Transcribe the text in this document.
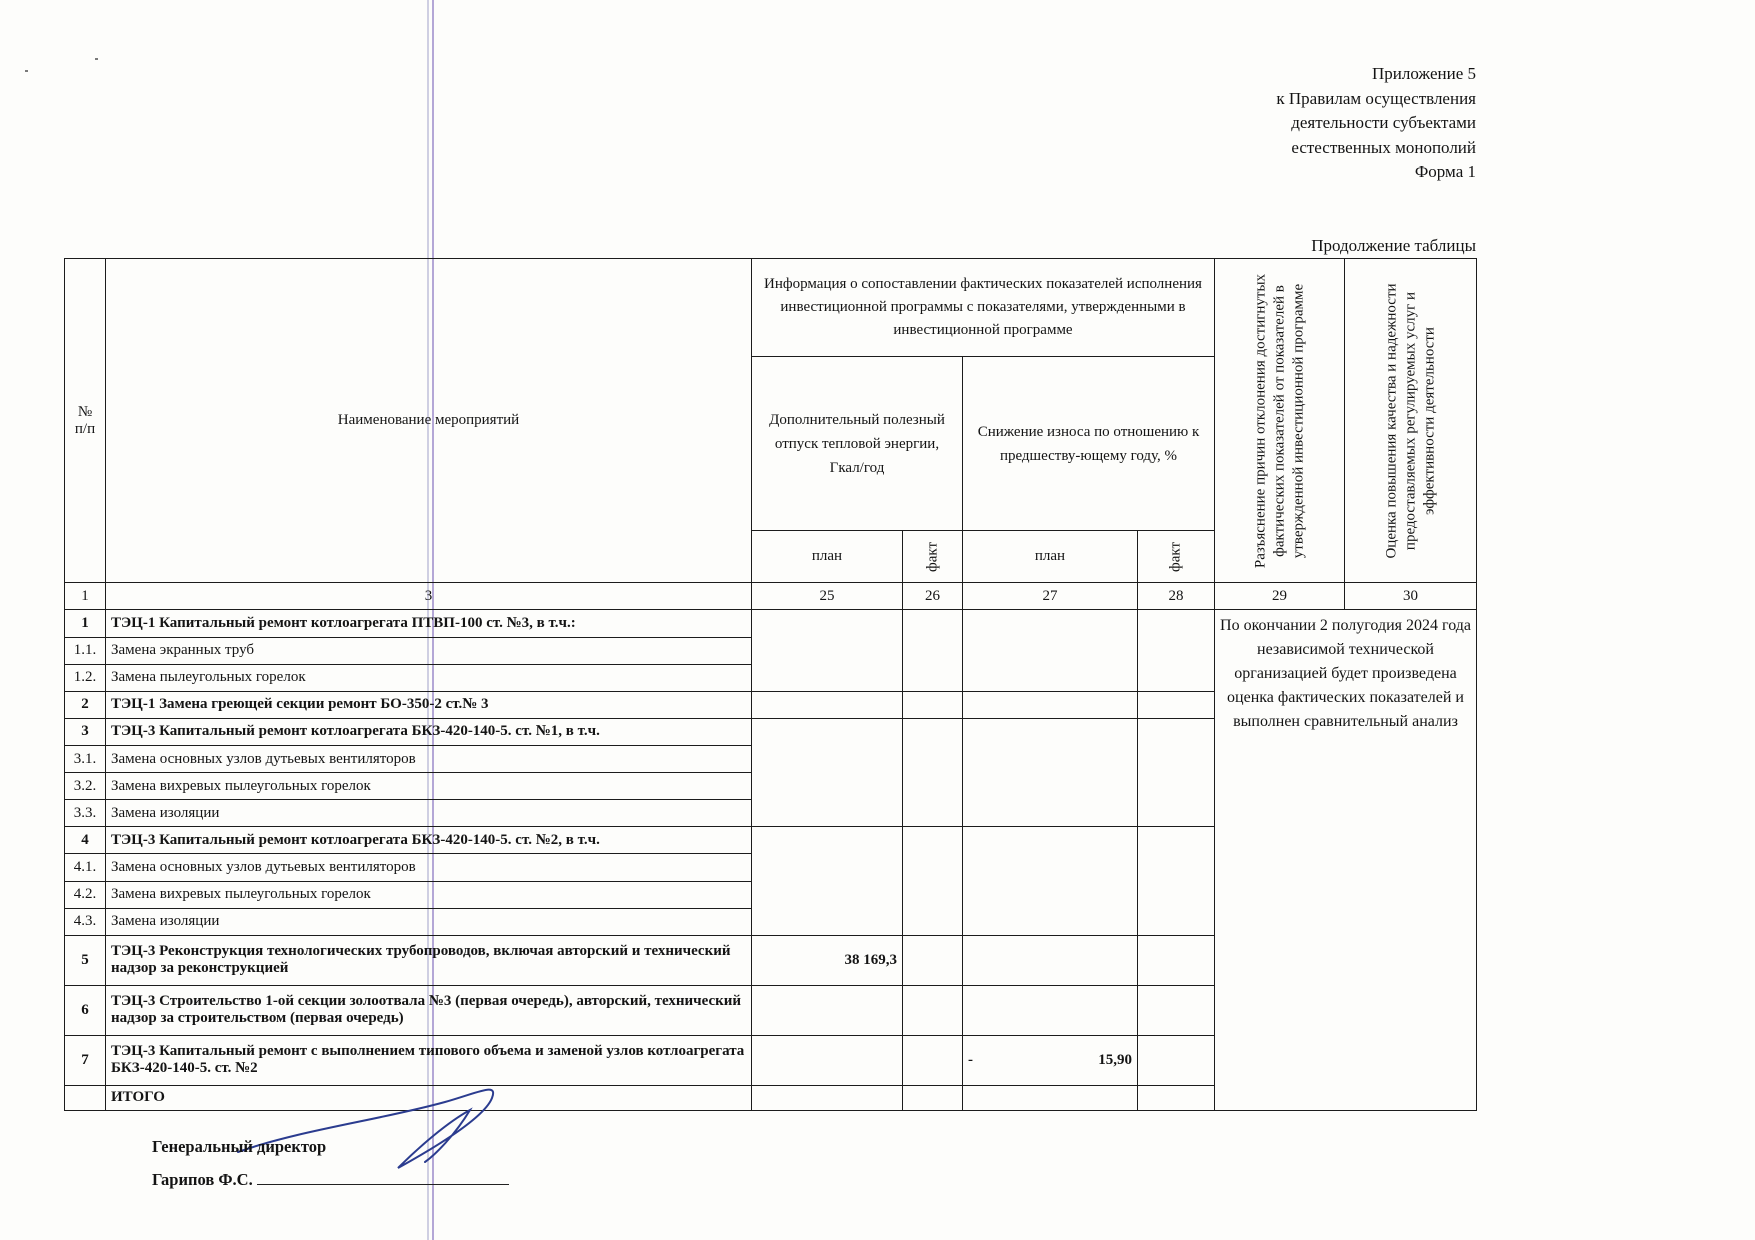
Приложение 5
к Правилам осуществления
деятельности субъектами
естественных монополий
Форма 1
Продолжение таблицы
№ п/п	Наименование мероприятий	Информация о сопоставлении фактических показателей исполнения инвестиционной программы с показателями, утвержденными в инвестиционной программе				Разъяснение причин отклонения достигнутых фактических показателей от показателей в утвержденной инвестиционной программе	Оценка повышения качества и надежности предоставляемых регулируемых услуг и эффективности деятельности

		Дополнительный полезный отпуск тепловой энергии, Гкал/год		Снижение износа по отношению к предшеству-ющему году, %			
		план	факт	план	факт		

1	3	25	26	27	28	29	30
1	ТЭЦ-1 Капитальный ремонт котлоагрегата ПТВП-100 ст. №3, в т.ч.:					По окончании 2 полугодия 2024 года независимой технической организацией будет произведена оценка фактических показателей и выполнен сравнительный анализ	
1.1.	Замена экранных труб						
1.2.	Замена пылеугольных горелок						
2	ТЭЦ-1 Замена греющей секции ремонт БО-350-2 ст.№ 3						
3	ТЭЦ-3 Капитальный ремонт котлоагрегата БКЗ-420-140-5. ст. №1, в т.ч.						
3.1.	Замена основных узлов дутьевых вентиляторов						
3.2.	Замена вихревых пылеугольных горелок						
3.3.	Замена изоляции						
4	ТЭЦ-3 Капитальный ремонт котлоагрегата БКЗ-420-140-5. ст. №2, в т.ч.						
4.1.	Замена основных узлов дутьевых вентиляторов						
4.2.	Замена вихревых пылеугольных горелок						
4.3.	Замена изоляции						
5	ТЭЦ-3 Реконструкция технологических трубопроводов, включая авторский и технический надзор за реконструкцией	38 169,3					
6	ТЭЦ-3 Строительство 1-ой секции золоотвала №3 (первая очередь), авторский, технический надзор за строительством (первая очередь)						
7	ТЭЦ-3 Капитальный ремонт с выполнением типового объема и заменой узлов котлоагрегата БКЗ-420-140-5. ст. №2			- 15,90			

	ИТОГО						
Генеральный директор
Гарипов Ф.С.
